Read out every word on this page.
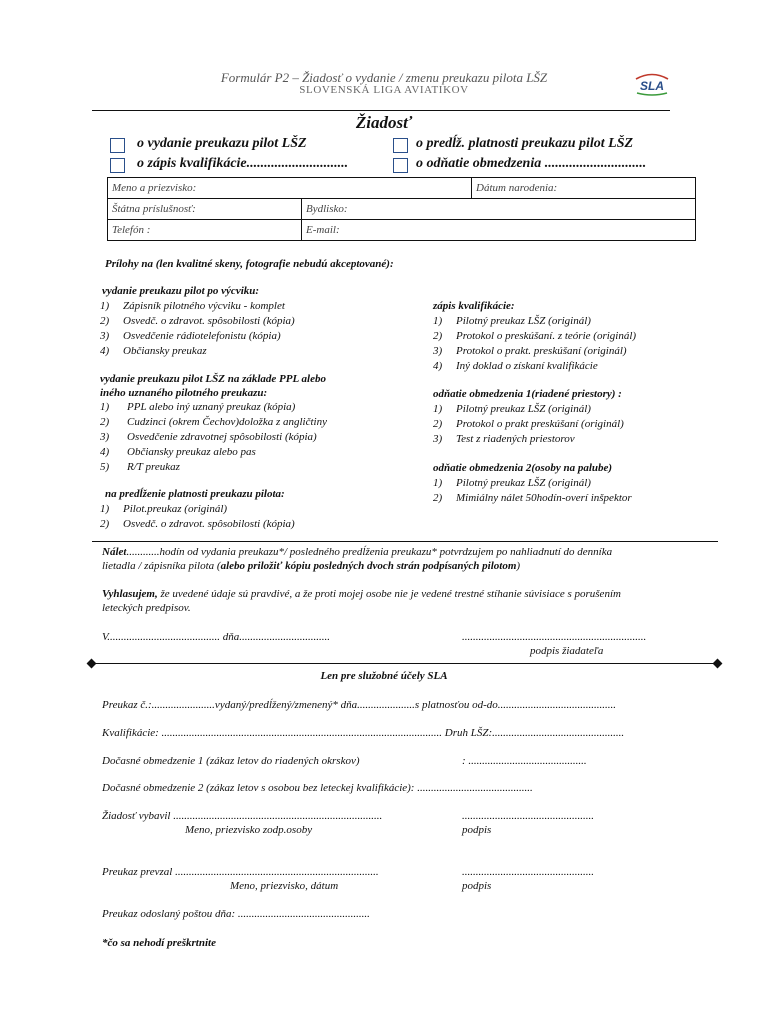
Formulár P2 – Žiadosť o vydanie / zmenu preukazu pilota LŠZ
SLOVENSKÁ LIGA AVIATIKOV	SLA
Žiadosť
o vydanie preukazu pilot LŠZ	o predĺž. platnosti preukazu pilot LŠZ
o zápis kvalifikácie.............................	o odňatie obmedzenia .............................
Meno a priezvisko:		Dátum narodenia:
Štátna príslušnosť:	Bydlisko:	
Telefón :	E-mail:	
Prílohy na (len kvalitné skeny, fotografie nebudú akceptované):
vydanie preukazu pilot po výcviku:
1) Zápisník pilotného výcviku - komplet
2) Osvedč. o zdravot. spôsobilosti (kópia)
3) Osvedčenie rádiotelefonistu (kópia)
4) Občiansky preukaz
vydanie preukazu pilot LŠZ na základe PPL alebo
iného uznaného pilotného preukazu:
1) PPL alebo iný uznaný preukaz (kópia)
2) Cudzinci (okrem Čechov)doložka z angličtiny
3) Osvedčenie zdravotnej spôsobilosti (kópia)
4) Občiansky preukaz alebo pas
5) R/T preukaz
na predĺženie platnosti preukazu pilota:
1) Pilot.preukaz (originál)
2) Osvedč. o zdravot. spôsobilosti (kópia)
zápis kvalifikácie:
1) Pilotný preukaz LŠZ (originál)
2) Protokol o preskúšaní. z teórie (originál)
3) Protokol o prakt. preskúšaní (originál)
4) Iný doklad o získaní kvalifikácie
odňatie obmedzenia 1(riadené priestory) :
1) Pilotný preukaz LŠZ (originál)
2) Protokol o prakt preskúšaní (originál)
3) Test z riadených priestorov
odňatie obmedzenia 2(osoby na palube)
1) Pilotný preukaz LŠZ (originál)
2) Mimiálny nálet 50hodín-overí inšpektor
Nálet............hodín od vydania preukazu*/ posledného predĺženia preukazu* potvrdzujem po nahliadnutí do denníka
lietadla / zápisníka pilota (alebo priložiť kópiu posledných dvoch strán podpísaných pilotom)
Vyhlasujem, že uvedené údaje sú pravdivé, a že proti mojej osobe nie je vedené trestné stíhanie súvisiace s porušením
leteckých predpisov.
V......................................... dňa.................................	...................................................................
podpis žiadateľa
Len pre služobné účely SLA
Preukaz č.:.......................vydaný/predĺžený/zmenený* dňa.....................s platnosťou od-do...........................................
Kvalifikácie: ...................................................................................................... Druh LŠZ:................................................
Dočasné obmedzenie 1 (zákaz letov do riadených okrskov)	: ...........................................
Dočasné obmedzenie 2 (zákaz letov s osobou bez leteckej kvalifikácie): ..........................................
Žiadosť vybavil ............................................................................	................................................
Meno, priezvisko zodp.osoby	podpis
Preukaz prevzal ..........................................................................	................................................
Meno, priezvisko, dátum	podpis
Preukaz odoslaný poštou dňa: ................................................
*čo sa nehodí preškrtnite
